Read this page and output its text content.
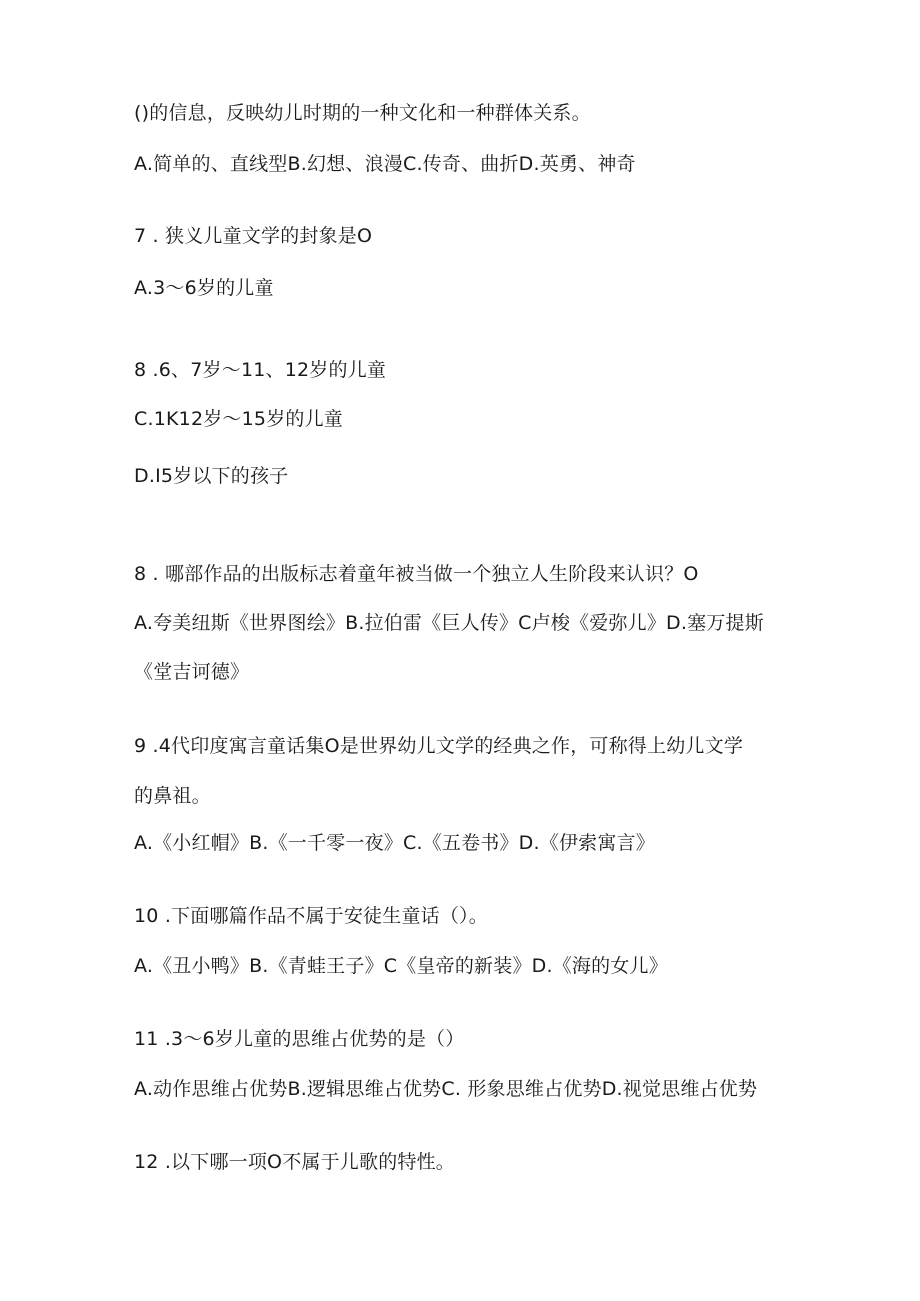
()的信息，反映幼儿时期的一种文化和一种群体关系。
A.简单的、直线型B.幻想、浪漫C.传奇、曲折D.英勇、神奇
7 . 狭义儿童文学的封象是O
A.3～6岁的儿童
8 .6、7岁～11、12岁的儿童
C.1K12岁～15岁的儿童
D.I5岁以下的孩子
8 . 哪部作品的出版标志着童年被当做一个独立人生阶段来认识？O
A.夸美纽斯《世界图绘》B.拉伯雷《巨人传》C卢梭《爱弥儿》D.塞万提斯
《堂吉诃德》
9 .4代印度寓言童话集O是世界幼儿文学的经典之作，可称得上幼儿文学
的鼻祖。
A.《小红帽》B.《一千零一夜》C.《五卷书》D.《伊索寓言》
10 .下面哪篇作品不属于安徒生童话（）。
A.《丑小鸭》B.《青蛙王子》C《皇帝的新装》D.《海的女儿》
11 .3～6岁儿童的思维占优势的是（）
A.动作思维占优势B.逻辑思维占优势C. 形象思维占优势D.视觉思维占优势
12 .以下哪一项O不属于儿歌的特性。
